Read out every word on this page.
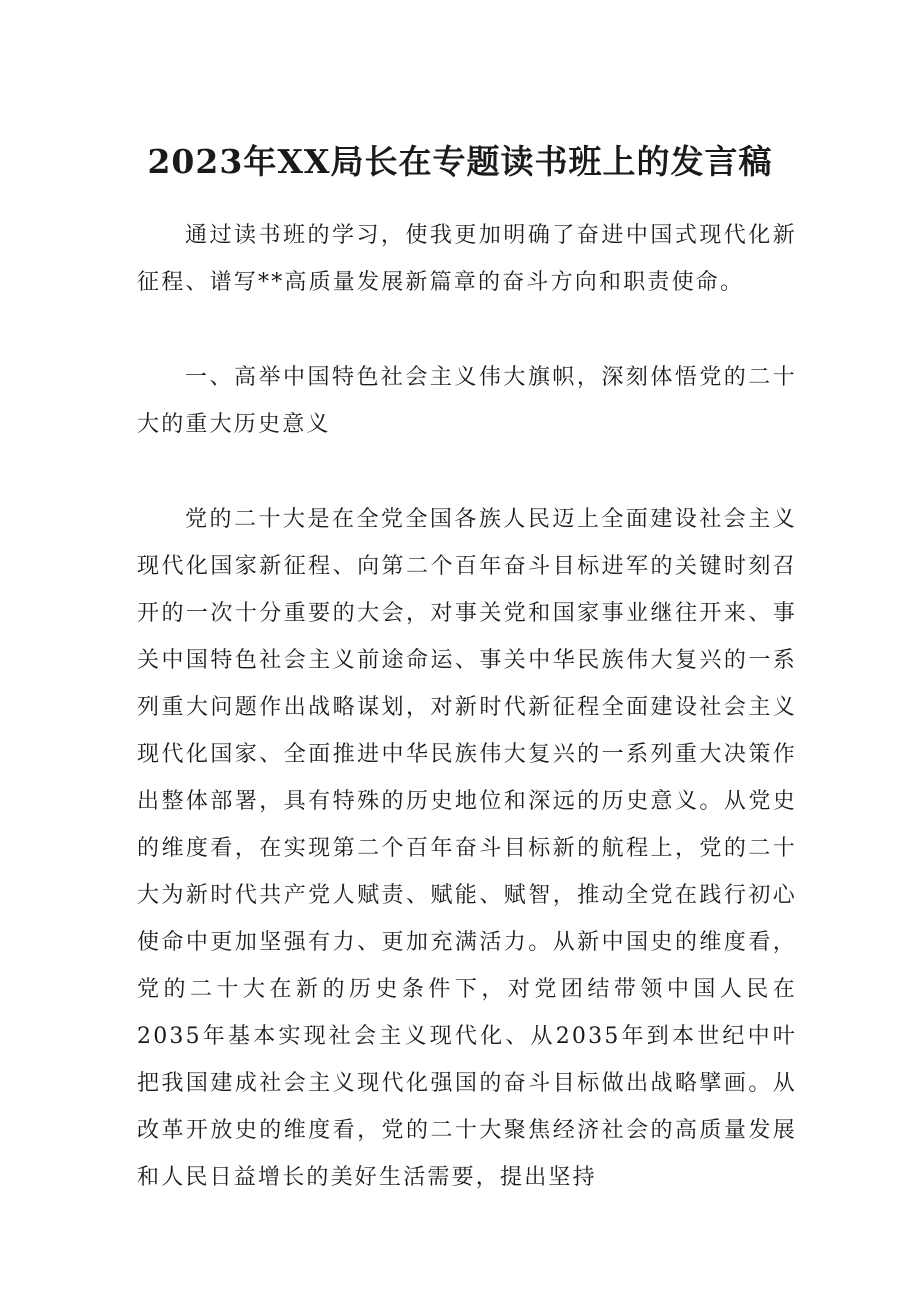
2023年XX局长在专题读书班上的发言稿

通过读书班的学习，使我更加明确了奋进中国式现代化新征程、谱写**高质量发展新篇章的奋斗方向和职责使命。

一、高举中国特色社会主义伟大旗帜，深刻体悟党的二十大的重大历史意义

党的二十大是在全党全国各族人民迈上全面建设社会主义现代化国家新征程、向第二个百年奋斗目标进军的关键时刻召开的一次十分重要的大会，对事关党和国家事业继往开来、事关中国特色社会主义前途命运、事关中华民族伟大复兴的一系列重大问题作出战略谋划，对新时代新征程全面建设社会主义现代化国家、全面推进中华民族伟大复兴的一系列重大决策作出整体部署，具有特殊的历史地位和深远的历史意义。从党史的维度看，在实现第二个百年奋斗目标新的航程上，党的二十大为新时代共产党人赋责、赋能、赋智，推动全党在践行初心使命中更加坚强有力、更加充满活力。从新中国史的维度看，党的二十大在新的历史条件下，对党团结带领中国人民在2035年基本实现社会主义现代化、从2035年到本世纪中叶把我国建成社会主义现代化强国的奋斗目标做出战略擘画。从改革开放史的维度看，党的二十大聚焦经济社会的高质量发展和人民日益增长的美好生活需要，提出坚持
